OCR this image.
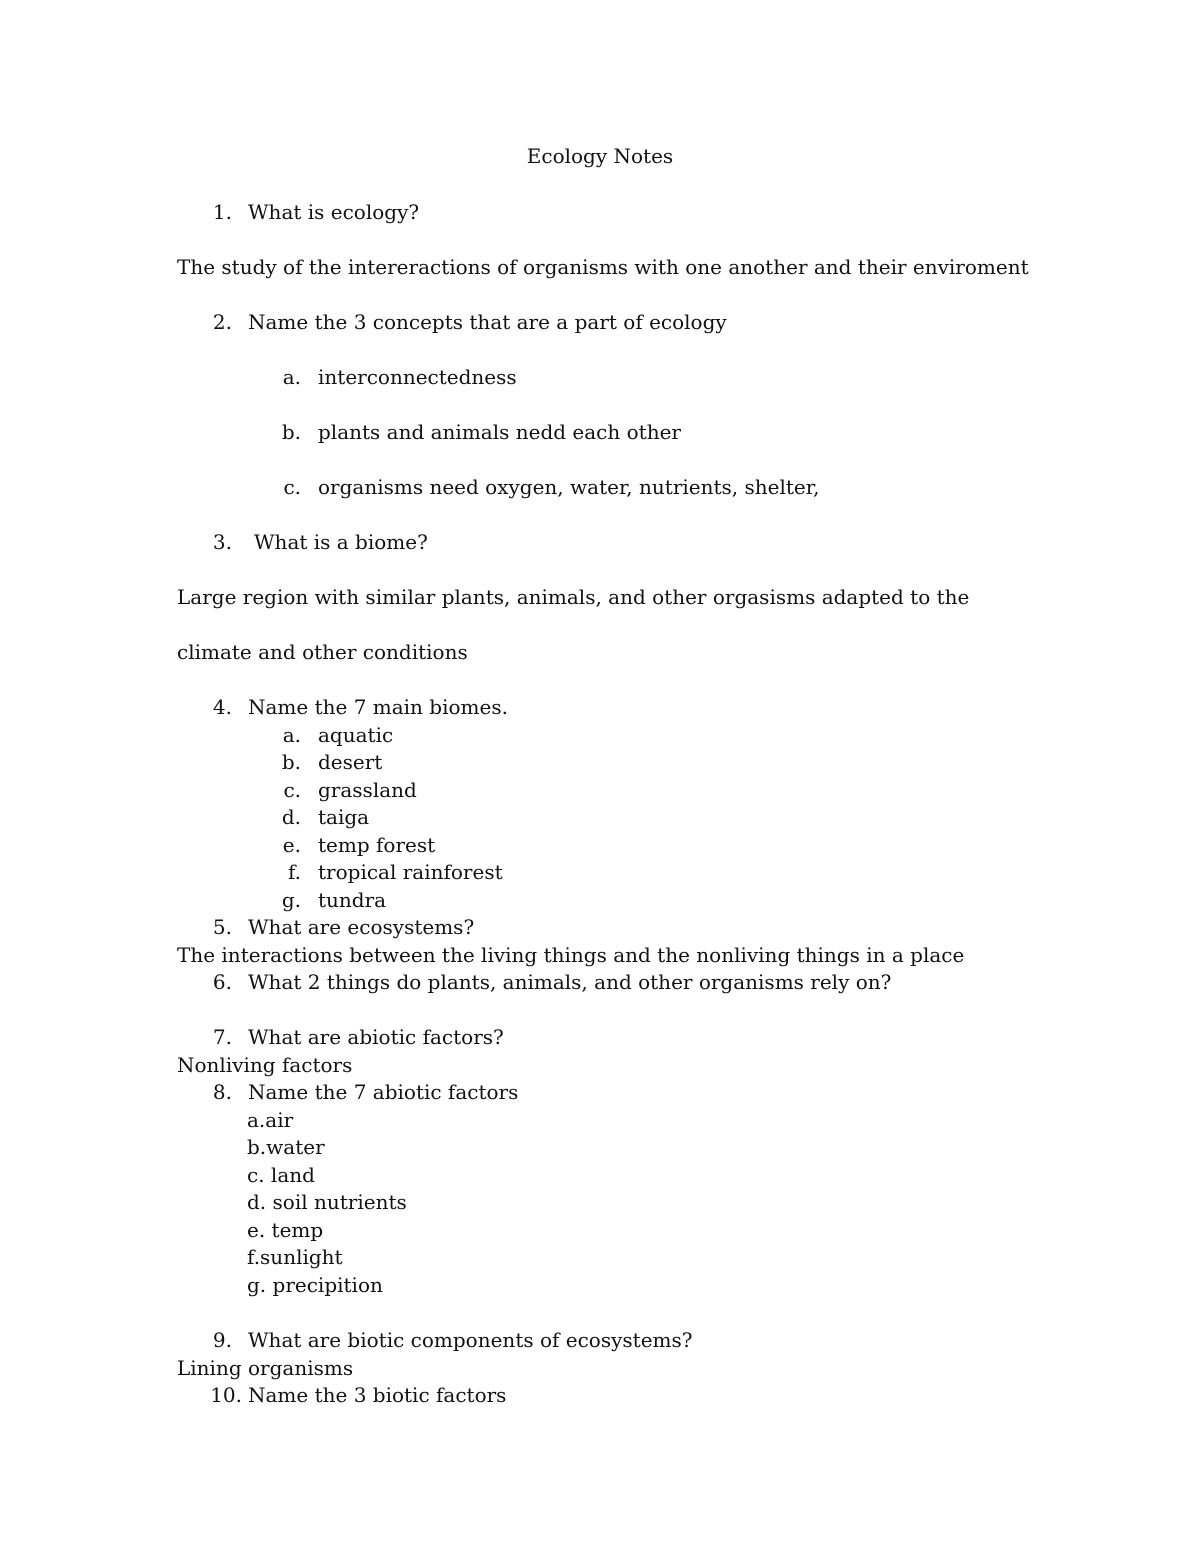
Ecology Notes
1. What is ecology?
The study of the intereractions of organisms with one another and their enviroment
2. Name the 3 concepts that are a part of ecology
a. interconnectedness
b. plants and animals nedd each other
c. organisms need oxygen, water, nutrients, shelter,
3. What is a biome?
Large region with similar plants, animals, and other orgasisms adapted to the
climate and other conditions
4. Name the 7 main biomes.
a. aquatic
b. desert
c. grassland
d. taiga
e. temp forest
f. tropical rainforest
g. tundra
5. What are ecosystems?
The interactions between the living things and the nonliving things in a place
6. What 2 things do plants, animals, and other organisms rely on?
7. What are abiotic factors?
Nonliving factors
8. Name the 7 abiotic factors
a.air
b.water
c. land
d. soil nutrients
e. temp
f.sunlight
g. precipition
9. What are biotic components of ecosystems?
Lining organisms
10. Name the 3 biotic factors
